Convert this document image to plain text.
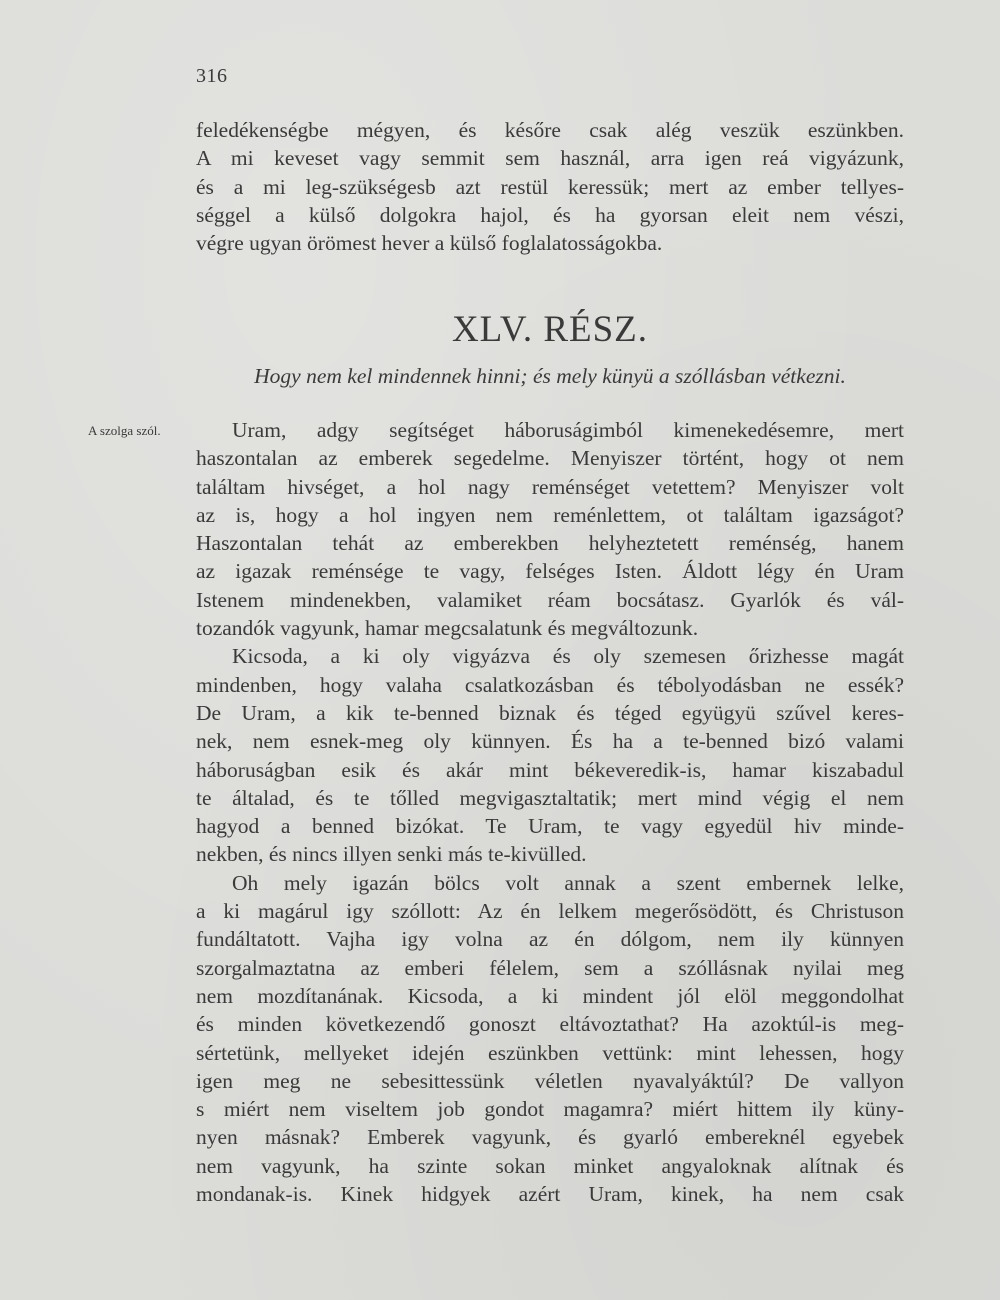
316
feledékenségbe mégyen, és későre csak alég veszük eszünkben.
A mi keveset vagy semmit sem használ, arra igen reá vigyázunk,
és a mi leg-szükségesb azt restül keressük; mert az ember tellyes-
séggel a külső dolgokra hajol, és ha gyorsan eleit nem vészi,
végre ugyan örömest hever a külső foglalatosságokba.
XLV. RÉSZ.
Hogy nem kel mindennek hinni; és mely künyü a szóllásban vétkezni.
A szolga szól.	Uram, adgy segítséget háboruságimból kimenekedésemre, mert
haszontalan az emberek segedelme. Menyiszer történt, hogy ot nem
találtam hivséget, a hol nagy reménséget vetettem? Menyiszer volt
az is, hogy a hol ingyen nem reménlettem, ot találtam igazságot?
Haszontalan tehát az emberekben helyheztetett reménség, hanem
az igazak reménsége te vagy, felséges Isten. Áldott légy én Uram
Istenem mindenekben, valamiket réam bocsátasz. Gyarlók és vál-
tozandók vagyunk, hamar megcsalatunk és megváltozunk.
Kicsoda, a ki oly vigyázva és oly szemesen őrizhesse magát
mindenben, hogy valaha csalatkozásban és tébolyodásban ne essék?
De Uram, a kik te-benned biznak és téged együgyü szűvel keres-
nek, nem esnek-meg oly künnyen. És ha a te-benned bizó valami
háboruságban esik és akár mint békeveredik-is, hamar kiszabadul
te általad, és te tőlled megvigasztaltatik; mert mind végig el nem
hagyod a benned bizókat. Te Uram, te vagy egyedül hiv minde-
nekben, és nincs illyen senki más te-kivülled.
Oh mely igazán bölcs volt annak a szent embernek lelke,
a ki magárul igy szóllott: Az én lelkem megerősödött, és Christuson
fundáltatott. Vajha igy volna az én dólgom, nem ily künnyen
szorgalmaztatna az emberi félelem, sem a szóllásnak nyilai meg
nem mozdítanának. Kicsoda, a ki mindent jól elöl meggondolhat
és minden következendő gonoszt eltávoztathat? Ha azoktúl-is meg-
sértetünk, mellyeket idején eszünkben vettünk: mint lehessen, hogy
igen meg ne sebesittessünk véletlen nyavalyáktúl? De vallyon
s miért nem viseltem job gondot magamra? miért hittem ily küny-
nyen másnak? Emberek vagyunk, és gyarló embereknél egyebek
nem vagyunk, ha szinte sokan minket angyaloknak alítnak és
mondanak-is. Kinek hidgyek azért Uram, kinek, ha nem csak
